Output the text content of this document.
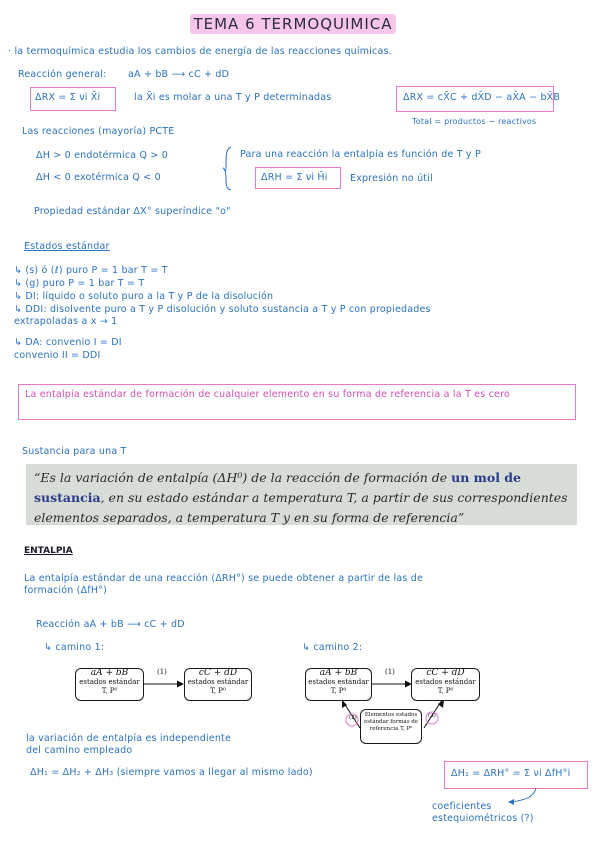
TEMA 6 TERMOQUIMICA
· la termoquímica estudia los cambios de energía de las reacciones químicas.
Reacción general: aA + bB ⟶ cC + dD
ΔRX = Σ νi X̄i	la X̄i es molar a una T y P determinadas	ΔRX = cX̄C + dX̄D − aX̄A − bX̄B
Total = productos − reactivos
Las reacciones (mayoría) PCTE
ΔH > 0 endotérmica Q > 0
ΔH < 0 exotérmica Q < 0
Para una reacción la entalpía es función de T y P
ΔRH = Σ νi H̄i Expresión no útil
Propiedad estándar ΔX° superíndice "o"
Estados estándar
↳ (s) ó (ℓ) puro P = 1 bar T = T
↳ (g) puro P = 1 bar T = T
↳ DI: líquido o soluto puro a la T y P de la disolución
↳ DDI: disolvente puro a T y P disolución y soluto sustancia a T y P con propiedades
extrapoladas a x → 1
↳ DA: convenio I = DI
convenio II = DDI
La entalpía estándar de formación de cualquier elemento en su forma de referencia a la T es cero
Sustancia para una T
“Es la variación de entalpía (ΔH⁰) de la reacción de formación de un mol de sustancia, en su estado estándar a temperatura T, a partir de sus correspondientes elementos separados, a temperatura T y en su forma de referencia”
ENTALPIA
La entalpía estándar de una reacción (ΔRH°) se puede obtener a partir de las de
formación (ΔfH°)
Reacción aA + bB ⟶ cC + dD
↳ camino 1:	↳ camino 2:
aA + bB
estados estándar
T, P⁰
cC + dD
estados estándar
T, P⁰
(1)	aA + bB
estados estándar
T, P⁰
cC + dD
estados estándar
T, P⁰
(1)
Elementos estados estándar formas de referencia T, P⁰
(2)	(3)
la variación de entalpía es independiente
del camino empleado
ΔH₁ = ΔH₂ + ΔH₃ (siempre vamos a llegar al mismo lado)	ΔH₁ = ΔRH° = Σ νi ΔfH°i
coeficientes
estequiométricos (?)
